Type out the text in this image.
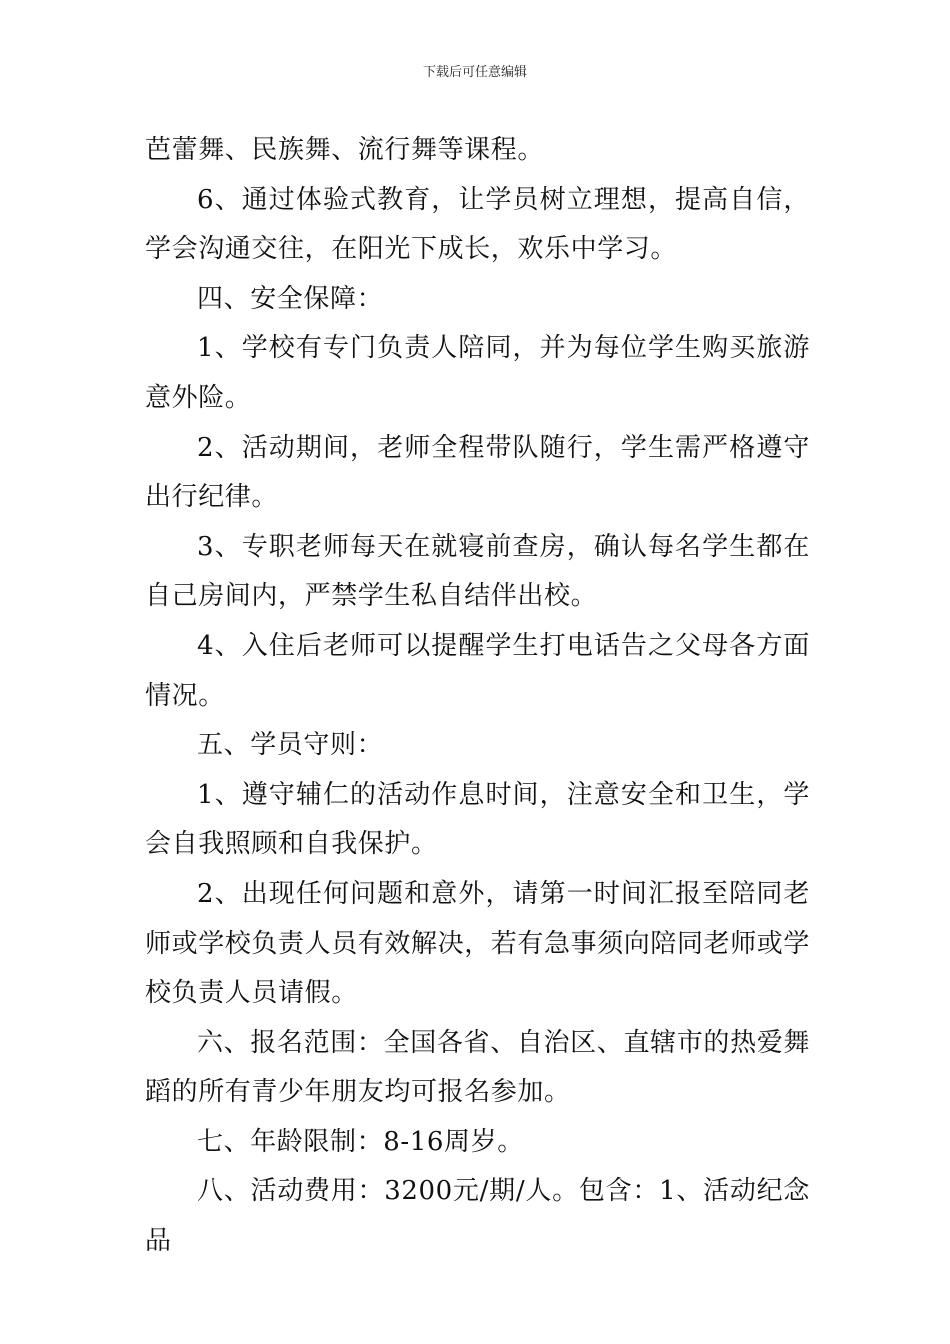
下载后可任意编辑

芭蕾舞、民族舞、流行舞等课程。

6、通过体验式教育，让学员树立理想，提高自信，学会沟通交往，在阳光下成长，欢乐中学习。

四、安全保障：

1、学校有专门负责人陪同，并为每位学生购买旅游意外险。

2、活动期间，老师全程带队随行，学生需严格遵守出行纪律。

3、专职老师每天在就寝前查房，确认每名学生都在自己房间内，严禁学生私自结伴出校。

4、入住后老师可以提醒学生打电话告之父母各方面情况。

五、学员守则：

1、遵守辅仁的活动作息时间，注意安全和卫生，学会自我照顾和自我保护。

2、出现任何问题和意外，请第一时间汇报至陪同老师或学校负责人员有效解决，若有急事须向陪同老师或学校负责人员请假。

六、报名范围：全国各省、自治区、直辖市的热爱舞蹈的所有青少年朋友均可报名参加。

七、年龄限制：8-16周岁。

八、活动费用：3200元/期/人。包含：1、活动纪念品
